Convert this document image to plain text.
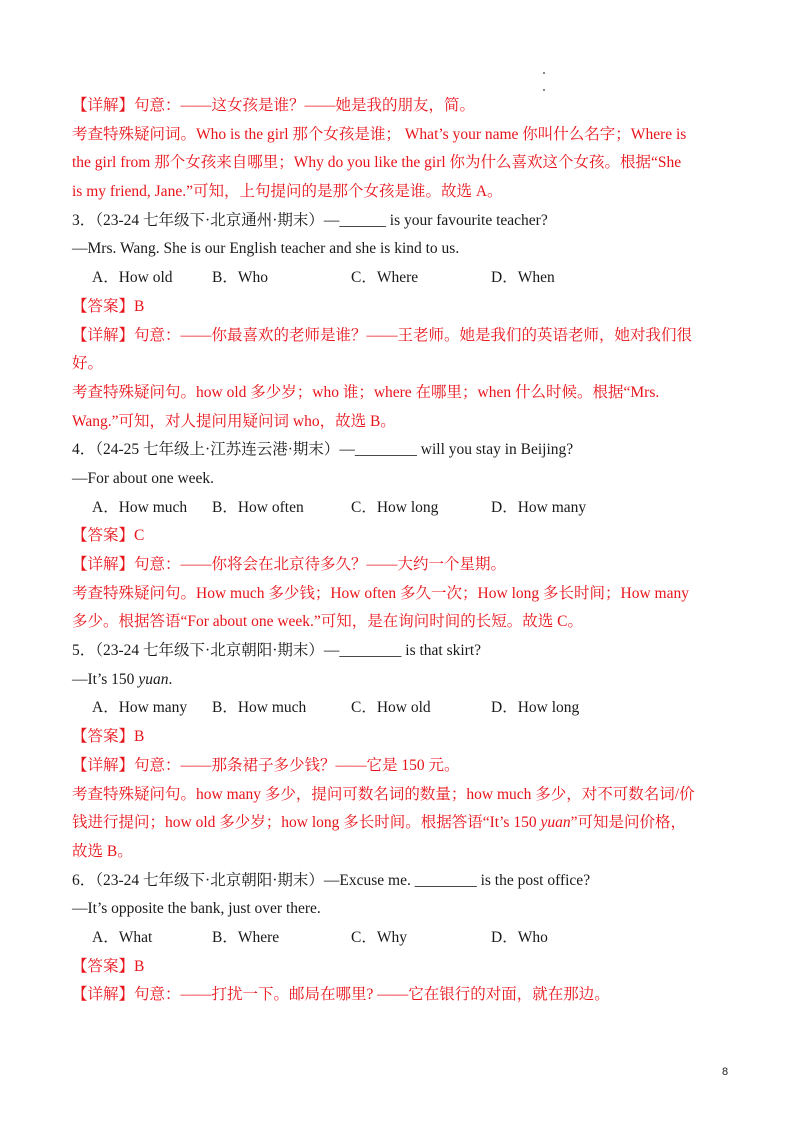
【详解】句意：——这女孩是谁？——她是我的朋友，简。
考查特殊疑问词。Who is the girl 那个女孩是谁； What’s your name 你叫什么名字；Where is
the girl from 那个女孩来自哪里；Why do you like the girl 你为什么喜欢这个女孩。根据“She
is my friend, Jane.”可知，上句提问的是那个女孩是谁。故选 A。
3．（23-24 七年级下·北京通州·期末）—______ is your favourite teacher?
—Mrs. Wang. She is our English teacher and she is kind to us.
A．How old	B．Who	C．Where	D．When
【答案】B
【详解】句意：——你最喜欢的老师是谁？——王老师。她是我们的英语老师，她对我们很
好。
考查特殊疑问句。how old 多少岁；who 谁；where 在哪里；when 什么时候。根据“Mrs.
Wang.”可知，对人提问用疑问词 who，故选 B。
4．（24-25 七年级上·江苏连云港·期末）—________ will you stay in Beijing?
—For about one week.
A．How much B．How often	C．How long	D．How many
【答案】C
【详解】句意：——你将会在北京待多久？——大约一个星期。
考查特殊疑问句。How much 多少钱；How often 多久一次；How long 多长时间；How many
多少。根据答语“For about one week.”可知，是在询问时间的长短。故选 C。
5．（23-24 七年级下·北京朝阳·期末）—________ is that skirt?
—It’s 150 yuan.
A．How many B．How much	C．How old	D．How long
【答案】B
【详解】句意：——那条裙子多少钱？——它是 150 元。
考查特殊疑问句。how many 多少，提问可数名词的数量；how much 多少，对不可数名词/价
钱进行提问；how old 多少岁；how long 多长时间。根据答语“It’s 150 yuan”可知是问价格，
故选 B。
6．（23-24 七年级下·北京朝阳·期末）—Excuse me. ________ is the post office?
—It’s opposite the bank, just over there.
A．What	B．Where	C．Why	D．Who
【答案】B
【详解】句意：——打扰一下。邮局在哪里? ——它在银行的对面，就在那边。
8
